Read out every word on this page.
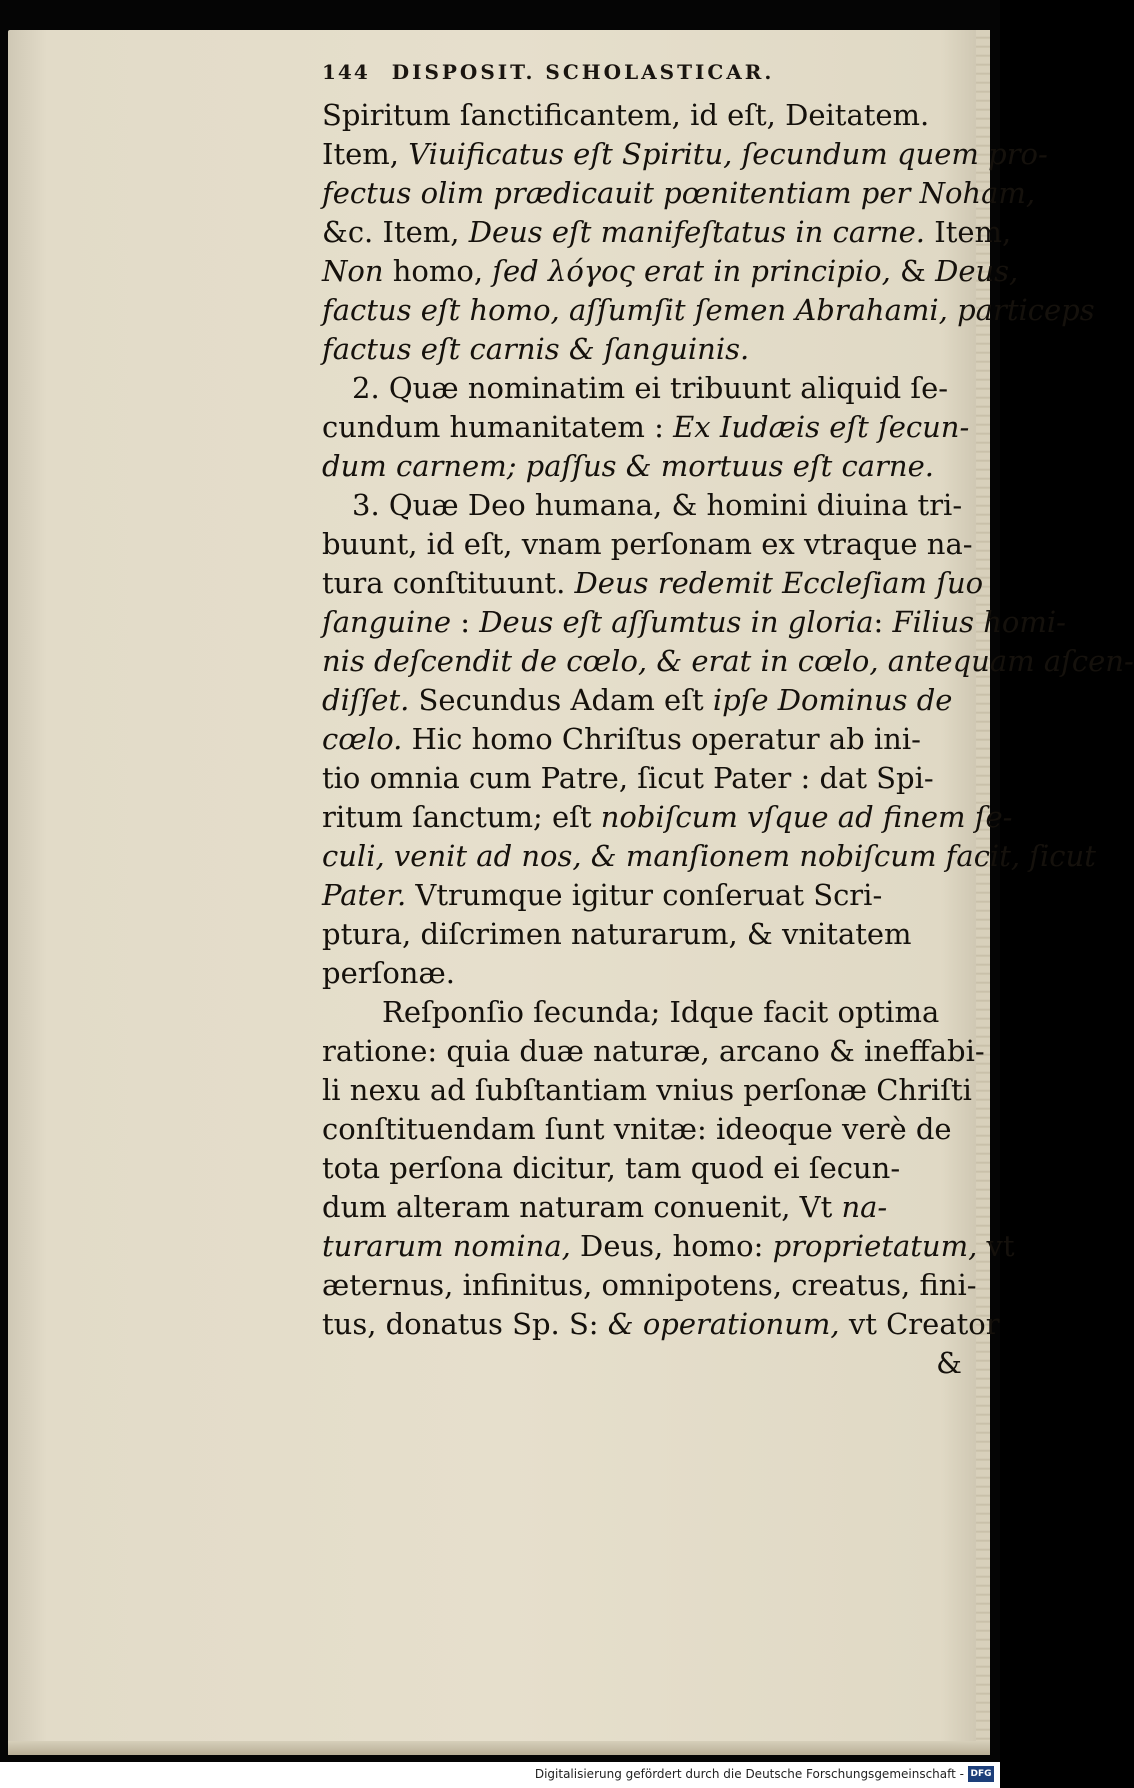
144 DISPOSIT. SCHOLASTICAR.
Spiritum ſanctificantem, id eſt, Deitatem.
Item, Viuificatus eſt Spiritu, ſecundum quem pro-
fectus olim prædicauit pœnitentiam per Noham,
&c. Item, Deus eſt manifeſtatus in carne. Item,
Non homo, ſed λόγος erat in principio, & Deus,
factus eſt homo, aſſumſit ſemen Abrahami, particeps
factus eſt carnis & ſanguinis.
2. Quæ nominatim ei tribuunt aliquid ſe-
cundum humanitatem : Ex Iudæis eſt ſecun-
dum carnem; paſſus & mortuus eſt carne.
3. Quæ Deo humana, & homini diuina tri-
buunt, id eſt, vnam perſonam ex vtraque na-
tura conſtituunt. Deus redemit Eccleſiam ſuo
ſanguine : Deus eſt aſſumtus in gloria: Filius homi-
nis deſcendit de cœlo, & erat in cœlo, antequam aſcen-
diſſet. Secundus Adam eſt ipſe Dominus de
cœlo. Hic homo Chriſtus operatur ab ini-
tio omnia cum Patre, ſicut Pater : dat Spi-
ritum ſanctum; eſt nobiſcum vſque ad finem ſe-
culi, venit ad nos, & manſionem nobiſcum facit, ſicut
Pater. Vtrumque igitur conſeruat Scri-
ptura, diſcrimen naturarum, & vnitatem
perſonæ.
Reſponſio ſecunda; Idque facit optima
ratione: quia duæ naturæ, arcano & ineffabi-
li nexu ad ſubſtantiam vnius perſonæ Chriſti
conſtituendam ſunt vnitæ: ideoque verè de
tota perſona dicitur, tam quod ei ſecun-
dum alteram naturam conuenit, Vt na-
turarum nomina, Deus, homo: proprietatum, vt
æternus, infinitus, omnipotens, creatus, fini-
tus, donatus Sp. S: & operationum, vt Creator
&
Digitalisierung gefördert durch die Deutsche Forschungsgemeinschaft - DFG
